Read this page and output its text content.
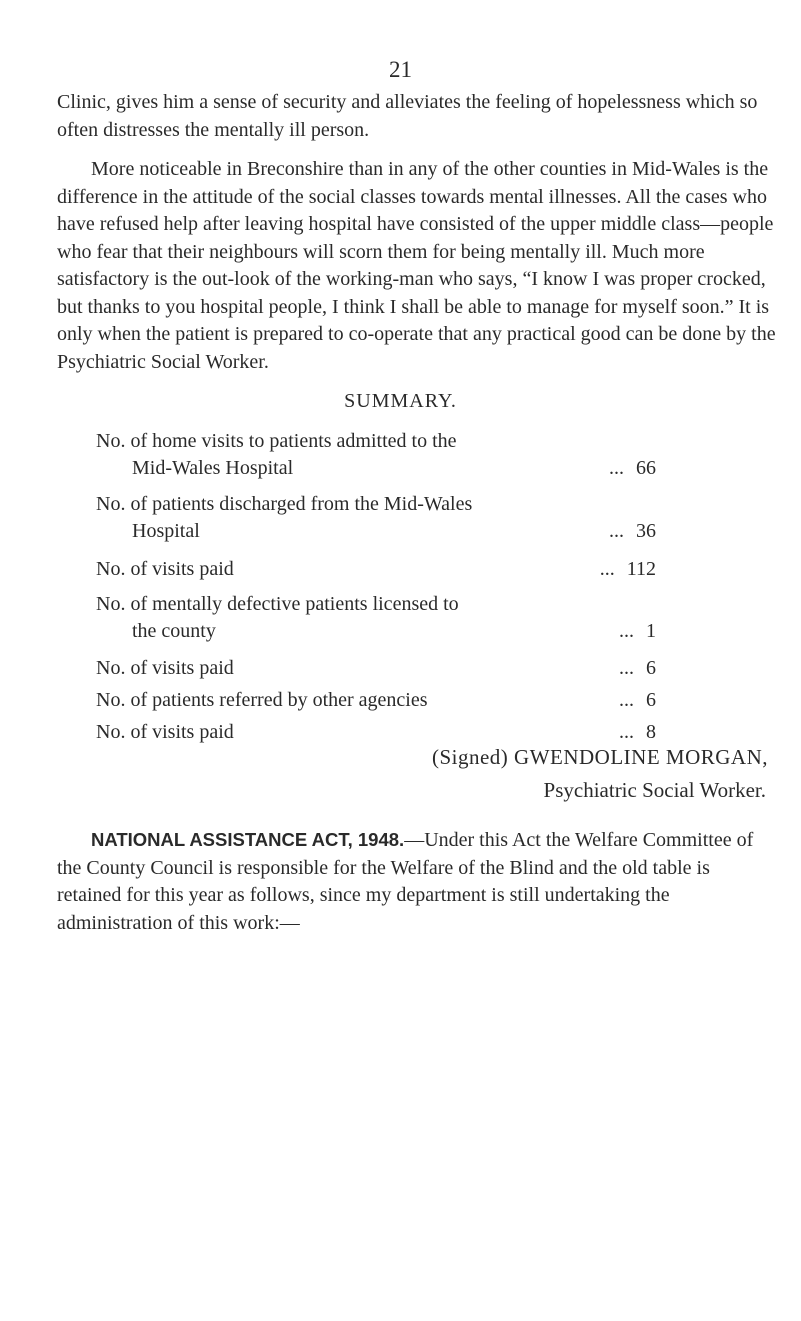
21

Clinic, gives him a sense of security and alleviates the feeling of hopelessness which so often distresses the mentally ill person.

More noticeable in Breconshire than in any of the other counties in Mid-Wales is the difference in the attitude of the social classes towards mental illnesses. All the cases who have refused help after leaving hospital have consisted of the upper middle class—people who fear that their neighbours will scorn them for being mentally ill. Much more satisfactory is the out-look of the working-man who says, “I know I was proper crocked, but thanks to you hospital people, I think I shall be able to manage for myself soon.” It is only when the patient is prepared to co-operate that any practical good can be done by the Psychiatric Social Worker.

SUMMARY.
No. of home visits to patients admitted to the
Mid-Wales Hospital	... 66
No. of patients discharged from the Mid-Wales
Hospital	... 36
No. of visits paid	... 112
No. of mentally defective patients licensed to
the county	... 1
No. of visits paid	... 6
No. of patients referred by other agencies	... 6
No. of visits paid	... 8
(Signed) GWENDOLINE MORGAN,
Psychiatric Social Worker.

NATIONAL ASSISTANCE ACT, 1948.—Under this Act the Welfare Committee of the County Council is responsible for the Welfare of the Blind and the old table is retained for this year as follows, since my department is still undertaking the administration of this work:—
